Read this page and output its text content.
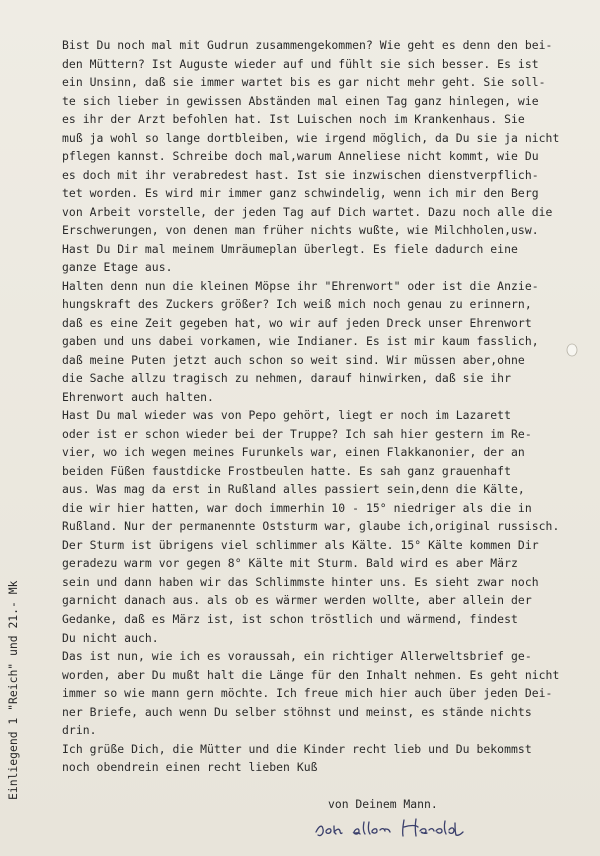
Bist Du noch mal mit Gudrun zusammengekommen? Wie geht es denn den bei-
den Müttern? Ist Auguste wieder auf und fühlt sie sich besser. Es ist
ein Unsinn, daß sie immer wartet bis es gar nicht mehr geht. Sie soll-
te sich lieber in gewissen Abständen mal einen Tag ganz hinlegen, wie
es ihr der Arzt befohlen hat. Ist Luischen noch im Krankenhaus. Sie
muß ja wohl so lange dortbleiben, wie irgend möglich, da Du sie ja nicht
pflegen kannst. Schreibe doch mal,warum Anneliese nicht kommt, wie Du
es doch mit ihr verabredest hast. Ist sie inzwischen dienstverpflich-
tet worden. Es wird mir immer ganz schwindelig, wenn ich mir den Berg
von Arbeit vorstelle, der jeden Tag auf Dich wartet. Dazu noch alle die
Erschwerungen, von denen man früher nichts wußte, wie Milchholen,usw.
Hast Du Dir mal meinem Umräumeplan überlegt. Es fiele dadurch eine
ganze Etage aus.
Halten denn nun die kleinen Möpse ihr "Ehrenwort" oder ist die Anzie-
hungskraft des Zuckers größer? Ich weiß mich noch genau zu erinnern,
daß es eine Zeit gegeben hat, wo wir auf jeden Dreck unser Ehrenwort
gaben und uns dabei vorkamen, wie Indianer. Es ist mir kaum fasslich,
daß meine Puten jetzt auch schon so weit sind. Wir müssen aber,ohne
die Sache allzu tragisch zu nehmen, darauf hinwirken, daß sie ihr
Ehrenwort auch halten.
Hast Du mal wieder was von Pepo gehört, liegt er noch im Lazarett
oder ist er schon wieder bei der Truppe? Ich sah hier gestern im Re-
vier, wo ich wegen meines Furunkels war, einen Flakkanonier, der an
beiden Füßen faustdicke Frostbeulen hatte. Es sah ganz grauenhaft
aus. Was mag da erst in Rußland alles passiert sein,denn die Kälte,
die wir hier hatten, war doch immerhin 10 - 15° niedriger als die in
Rußland. Nur der permanennte Oststurm war, glaube ich,original russisch.
Der Sturm ist übrigens viel schlimmer als Kälte. 15° Kälte kommen Dir
geradezu warm vor gegen 8° Kälte mit Sturm. Bald wird es aber März
sein und dann haben wir das Schlimmste hinter uns. Es sieht zwar noch
garnicht danach aus. als ob es wärmer werden wollte, aber allein der
Gedanke, daß es März ist, ist schon tröstlich und wärmend, findest
Du nicht auch.
Das ist nun, wie ich es voraussah, ein richtiger Allerweltsbrief ge-
worden, aber Du mußt halt die Länge für den Inhalt nehmen. Es geht nicht
immer so wie mann gern möchte. Ich freue mich hier auch über jeden Dei-
ner Briefe, auch wenn Du selber stöhnst und meinst, es stände nichts
drin.
Ich grüße Dich, die Mütter und die Kinder recht lieb und Du bekommst
noch obendrein einen recht lieben Kuß
Einliegend 1 "Reich" und 21.- Mk
von Deinem Mann.
Dein alter Harald
